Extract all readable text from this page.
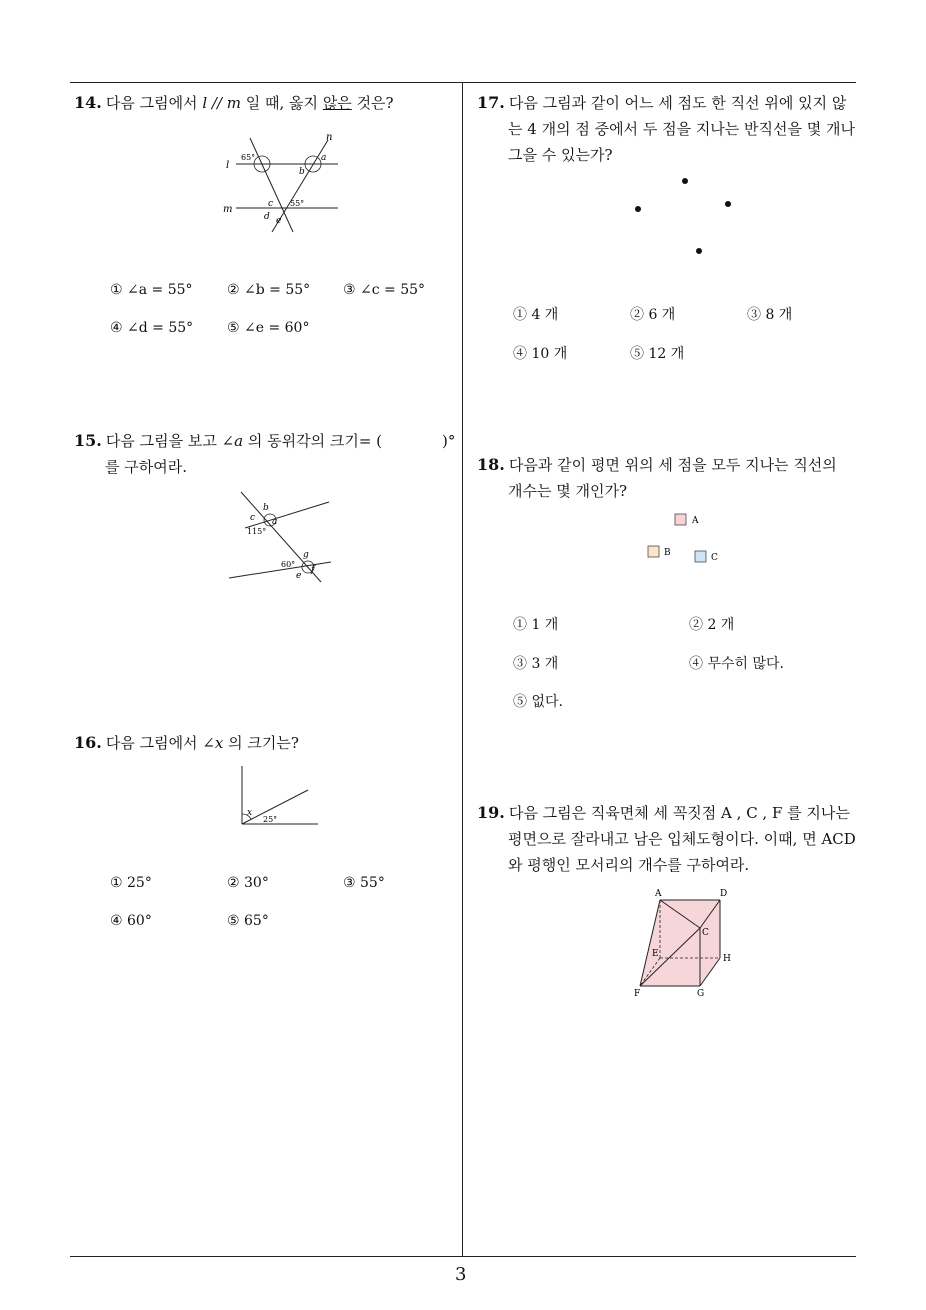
14. 다음 그림에서 l // m 일 때, 옳지 않은 것은?
l
m
n
65°	a
b
c 55°
d e
① ∠a = 55° ② ∠b = 55° ③ ∠c = 55°
④ ∠d = 55° ⑤ ∠e = 60°
15. 다음 그림을 보고 ∠a 의 동위각의 크기= (	)°
를 구하여라.
b
c a
115°
g
60°
f
e
16. 다음 그림에서 ∠x 의 크기는?
x
25°
① 25°	② 30°	③ 55°
④ 60°	⑤ 65°
17. 다음 그림과 같이 어느 세 점도 한 직선 위에 있지 않
는 4 개의 점 중에서 두 점을 지나는 반직선을 몇 개나
그을 수 있는가?
① 4 개	② 6 개	③ 8 개
④ 10 개	⑤ 12 개
18. 다음과 같이 평면 위의 세 점을 모두 지나는 직선의
개수는 몇 개인가?
A
B	C
① 1 개	② 2 개
③ 3 개	④ 무수히 많다.
⑤ 없다.
19. 다음 그림은 직육면체 세 꼭짓점 A , C , F 를 지나는
평면으로 잘라내고 남은 입체도형이다. 이때, 면 ACD
와 평행인 모서리의 개수를 구하여라.
A	D
C
E	H
F	G
3
